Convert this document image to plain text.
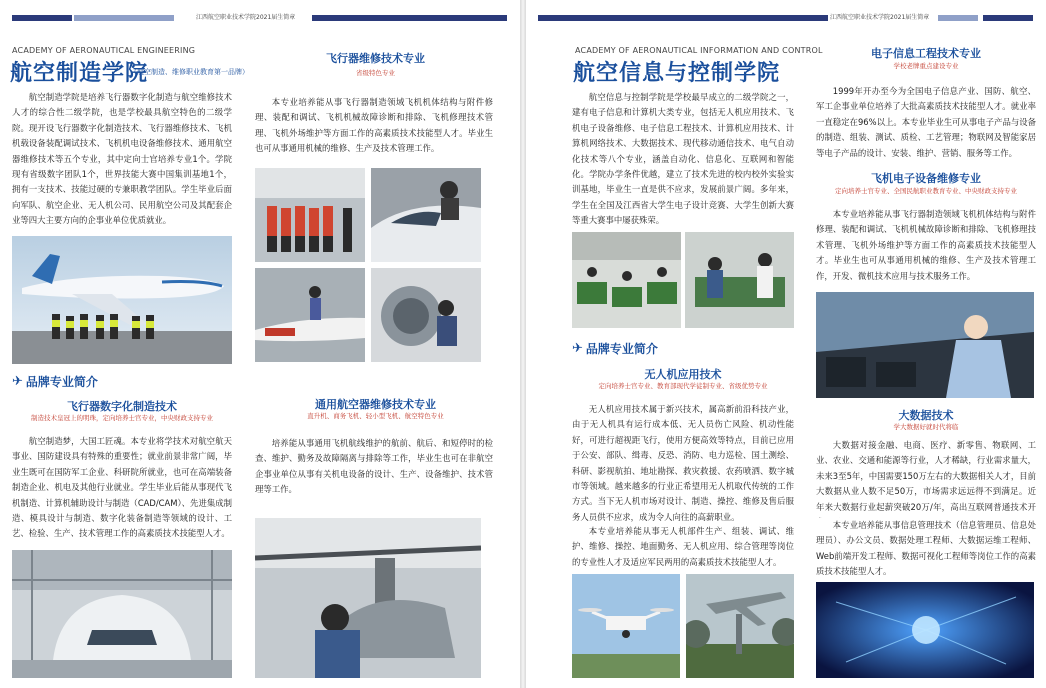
江西航空职业技术学院2021届生简章
ACADEMY OF AERONAUTICAL ENGINEERING
航空制造学院
（航空制造、维修职业教育第一品牌）
航空制造学院是培养飞行器数字化制造与航空维修技术人才的综合性二级学院，也是学校最具航空特色的二级学院。现开设飞行器数字化制造技术、飞行器维修技术、飞机机载设备装配调试技术、飞机机电设备维修技术、通用航空器维修技术等五个专业，其中定向士官培养专业1个。学院现有省级数字团队1个，世界技能大赛中国集训基地1个，拥有一支技术、技能过硬的专兼职教学团队。学生毕业后面向军队、航空企业、无人机公司、民用航空公司及其配套企业等四大主要方向的企事业单位优质就业。
✈ 品牌专业简介
飞行器数字化制造技术
制造技术皇冠上的明珠，定向培养士官专业，中央财政支持专业
航空制造梦，大国工匠魂。本专业将学技术对航空航天事业、国防建设具有特殊的重要性；就业前景非常广阔，毕业生既可在国防军工企业、科研院所就业，也可在高端装备制造企业、机电及其他行业就业。学生毕业后能从事现代飞机制造、计算机辅助设计与制造（CAD/CAM）、先进集成制造、模具设计与制造、数字化装备制造等领域的设计、工艺、检验、生产、技术管理工作的高素质技术技能型人才。
飞行器维修技术专业
省级特色专业
本专业培养能从事飞行器制造领域飞机机体结构与附件修理、装配和调试、飞机机械故障诊断和排除、飞机修理技术管理、飞机外场维护等方面工作的高素质技术技能型人才。毕业生也可从事通用机械的维修、生产及技术管理工作。
通用航空器维修技术专业
直升机、商务飞机、轻小型飞机、航空特色专业
培养能从事通用飞机航线维护的航前、航后、和短停时的检查、维护、勤务及故障隔离与排除等工作，毕业生也可在非航空企事业单位从事有关机电设备的设计、生产、设备维护、技术管理等工作。
江西航空职业技术学院2021届生简章
ACADEMY OF AERONAUTICAL INFORMATION AND CONTROL
航空信息与控制学院
航空信息与控制学院是学校最早成立的二级学院之一，建有电子信息和计算机大类专业，包括无人机应用技术、飞机电子设备维修、电子信息工程技术、计算机应用技术、计算机网络技术、大数据技术、现代移动通信技术、电气自动化技术等八个专业，涵盖自动化、信息化、互联网和智能化。学院办学条件优越，建立了技术先进的校内校外实验实训基地，毕业生一直是供不应求，发展前景广阔。多年来，学生在全国及江西省大学生电子设计竞赛、大学生创新大赛等重大赛事中屡获殊荣。
✈ 品牌专业简介
无人机应用技术
定向培养士官专业、教育部现代学徒制专业、省级优势专业
无人机应用技术属于新兴技术，属高新前沿科技产业，由于无人机具有运行成本低、无人员伤亡风险、机动性能好，可进行超视距飞行，使用方便高效等特点，目前已应用于公安、部队、缉毒、反恐、消防、电力巡检、国土测绘、科研、影视航拍、地址勘探、救灾救援、农药喷洒、数字城市等领域。越来越多的行业正希望用无人机取代传统的工作方式。当下无人机市场对设计、制造、操控、维修及售后服务人员供不应求，成为令人向往的高薪职业。
本专业培养能从事无人机部件生产、组装、调试、维护、维修、操控、地面勤务、无人机应用、综合管理等岗位的专业性人才及适应军民两用的高素质技术技能型人才。
电子信息工程技术专业
学校老牌重点建设专业
1999年开办至今为全国电子信息产业、国防、航空、军工企事业单位培养了大批高素质技术技能型人才。就业率一直稳定在96%以上。本专业毕业生可从事电子产品与设备的制造、组装、测试、质检、工艺管理；物联网及智能家居等电子产品的设计、安装、维护、营销、服务等工作。
飞机电子设备维修专业
定向培养士官专业、全国民航职业教育专业、中央财政支持专业
本专业培养能从事飞行器制造领域飞机机体结构与附件修理、装配和调试、飞机机械故障诊断和排除、飞机修理技术管理、飞机外场维护等方面工作的高素质技术技能型人才。毕业生也可从事通用机械的维修、生产及技术管理工作，开发、微机技术应用与技术服务工作。
大数据技术
学大数据好就时代将临
大数据对接金融、电商、医疗、新零售、物联网、工业、农业、交通和能源等行业，人才稀缺，行业需求量大，未来3至5年，中国需要150万左右的大数据相关人才，目前大数据从业人数不足50万，市场需求远远得不到满足。近年来大数据行业起薪突破20万/年，高出互联网普通技术开
本专业培养能从事信息管理技术（信息管理员、信息处理员）、办公文员、数据处理工程师、大数据运维工程师、Web前端开发工程师、数据可视化工程师等岗位工作的高素质技术技能型人才。
